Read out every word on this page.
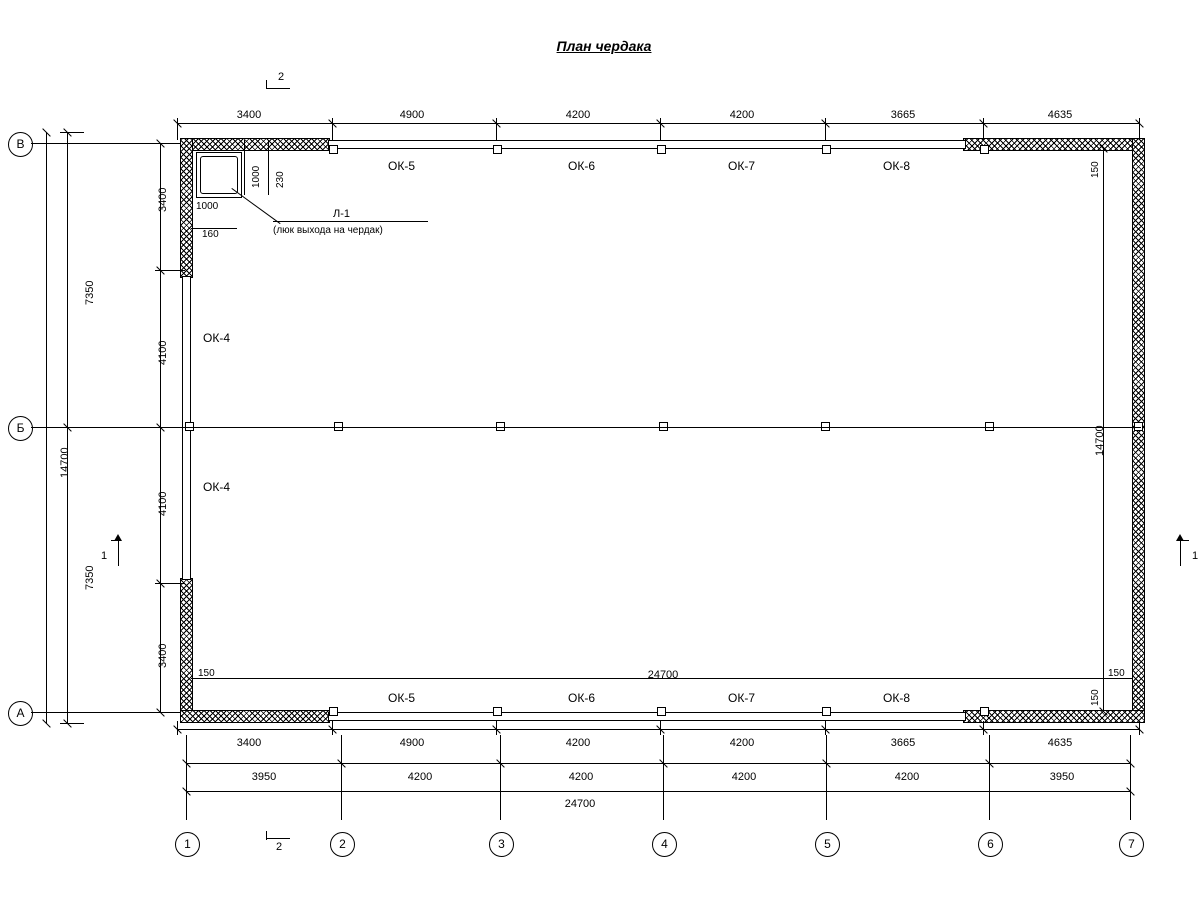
План чердака
Л-1
(люк выхода на чердак)
160
1000
1000 230
ОК-5	ОК-6	ОК-7	ОК-8
ОК-5	ОК-6	ОК-7	ОК-8
ОК-4
ОК-4
3400	4900	4200	4200	3665	4635
2
3400	4900	4200	4200	3665	4635
3950	4200	4200	4200	4200	3950
24700
24700
150	150
1	2	3	4	5	6	7
2
В
Б
А
7350
7350
14700
3400
4100
4100
3400
14700
150
150
1	1
